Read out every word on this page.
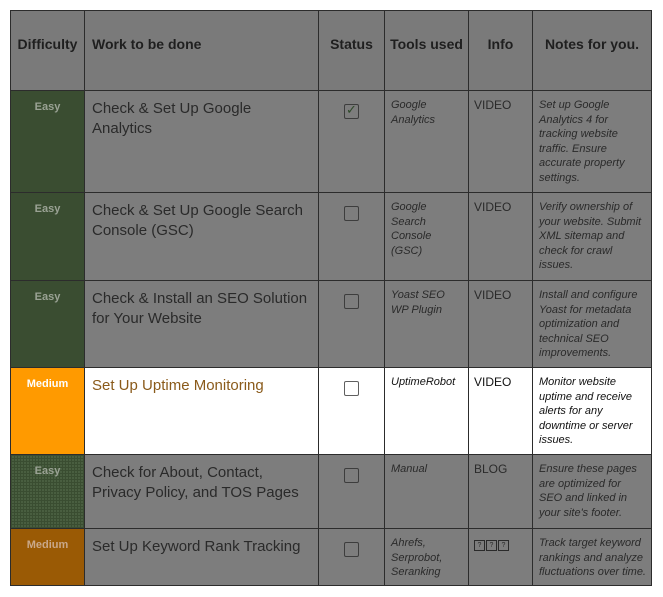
Difficulty	Work to be done	Status	Tools used	Info	Notes for you.
Easy	Check & Set Up Google Analytics	✓	Google Analytics	VIDEO	Set up Google Analytics 4 for tracking website traffic. Ensure accurate property settings.
Easy	Check & Set Up Google Search Console (GSC)		Google Search Console (GSC)	VIDEO	Verify ownership of your website. Submit XML sitemap and check for crawl issues.
Easy	Check & Install an SEO Solution for Your Website		Yoast SEO WP Plugin	VIDEO	Install and configure Yoast for metadata optimization and technical SEO improvements.
Medium	Set Up Uptime Monitoring		UptimeRobot	VIDEO	Monitor website uptime and receive alerts for any downtime or server issues.
Easy	Check for About, Contact, Privacy Policy, and TOS Pages		Manual	BLOG	Ensure these pages are optimized for SEO and linked in your site's footer.
Medium	Set Up Keyword Rank Tracking		Ahrefs, Serprobot, Seranking	? ? ?	Track target keyword rankings and analyze fluctuations over time.
